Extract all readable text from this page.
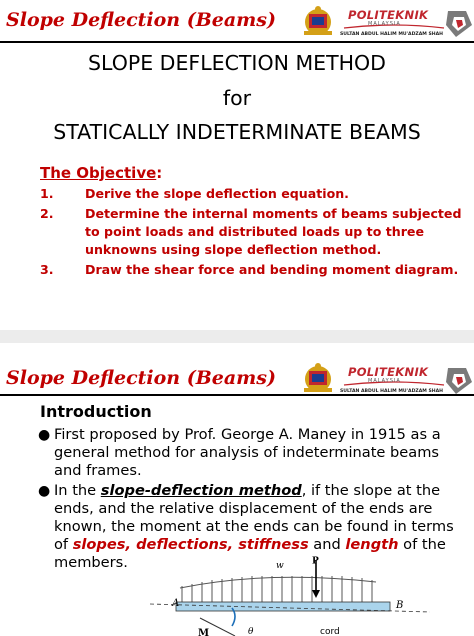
Slope Deflection (Beams)	POLITEKNIK
MALAYSIA
SULTAN ABDUL HALIM MU'ADZAM SHAH
SLOPE DEFLECTION METHOD
for
STATICALLY INDETERMINATE BEAMS
The Objective:
1. Derive the slope deflection equation.
2. Determine the internal moments of beams subjected to point loads and distributed loads up to three unknowns using slope deflection method.
3. Draw the shear force and bending moment diagram.
Slope Deflection (Beams)	POLITEKNIK
MALAYSIA
SULTAN ABDUL HALIM MU'ADZAM SHAH
Introduction
● First proposed by Prof. George A. Maney in 1915 as a general method for analysis of indeterminate beams and frames.
● In the slope-deflection method, if the slope at the ends, and the relative displacement of the ends are known, the moment at the ends can be found in terms of slopes, deflections, stiffness and length of the members.	w	P
A	B
θ
M	cord
